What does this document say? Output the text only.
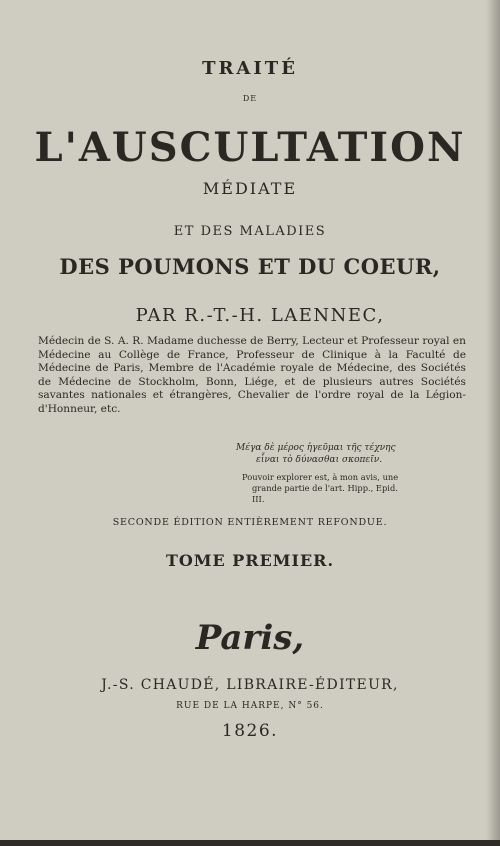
TRAITÉ
DE
L'AUSCULTATION
MÉDIATE
ET DES MALADIES
DES POUMONS ET DU COEUR,
PAR R.-T.-H. LAENNEC,
Médecin de S. A. R. Madame duchesse de Berry, Lecteur et Professeur royal en Médecine au Collège de France, Professeur de Clinique à la Faculté de Médecine de Paris, Membre de l'Académie royale de Médecine, des Sociétés de Médecine de Stockholm, Bonn, Liége, et de plusieurs autres Sociétés savantes nationales et étrangères, Chevalier de l'ordre royal de la Légion-d'Honneur, etc.
Μέγα δὲ μέρος ἡγεῦμαι τῆς τέχνης
εἶναι τὸ δύνασθαι σκοπεῖν.
Pouvoir explorer est, à mon avis, une
grande partie de l'art. Hipp., Epid. III.
SECONDE ÉDITION ENTIÈREMENT REFONDUE.
TOME PREMIER.
Paris,
J.-S. CHAUDÉ, LIBRAIRE-ÉDITEUR,
RUE DE LA HARPE, N° 56.
1826.
